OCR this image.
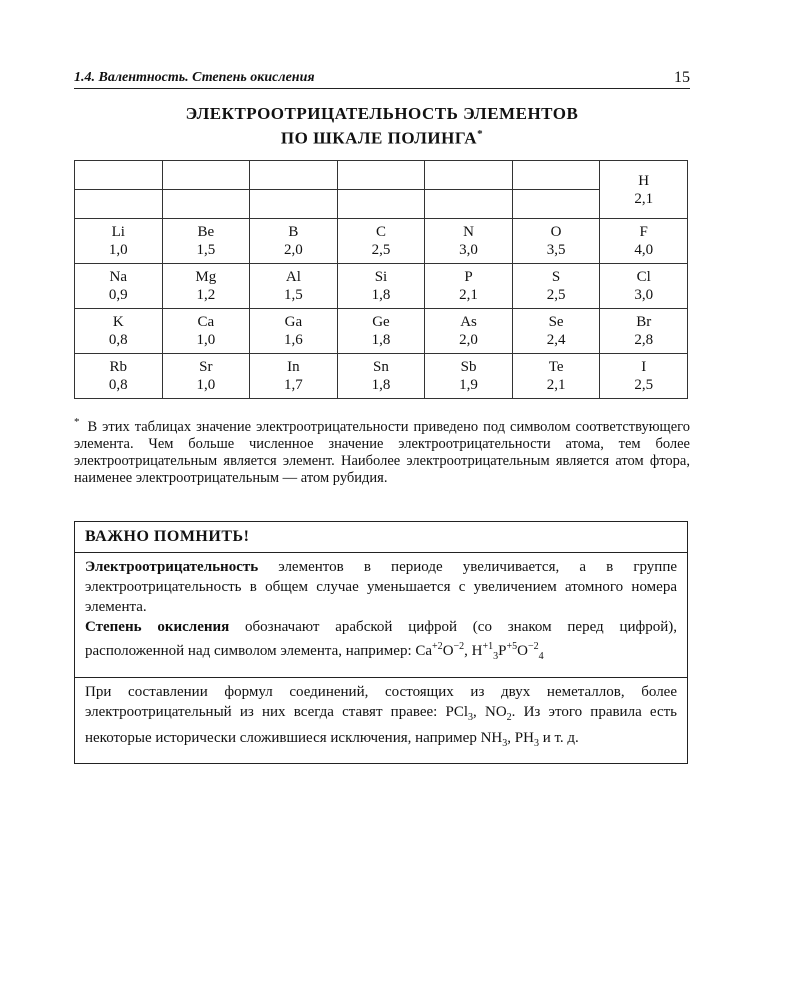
1.4. Валентность. Степень окисления	15
ЭЛЕКТРООТРИЦАТЕЛЬНОСТЬ ЭЛЕМЕНТОВ
ПО ШКАЛЕ ПОЛИНГА*

						H
2,1

Li
1,0	Be
1,5	B
2,0	C
2,5	N
3,0	O
3,5	F
4,0

Na
0,9	Mg
1,2	Al
1,5	Si
1,8	P
2,1	S
2,5	Cl
3,0

K
0,8	Ca
1,0	Ga
1,6	Ge
1,8	As
2,0	Se
2,4	Br
2,8

Rb
0,8	Sr
1,0	In
1,7	Sn
1,8	Sb
1,9	Te
2,1	I
2,5
* В этих таблицах значение электроотрицательности приведено под символом соответствующего элемента. Чем больше численное значение электроотрицательности атома, тем более электроотрицательным является элемент. Наиболее электроотрицательным является атом фтора, наименее электроотрицательным — атом рубидия.
ВАЖНО ПОМНИТЬ!
Электроотрицательность элементов в периоде увеличивается, а в группе электроотрицательность в общем случае уменьшается с увеличением атомного номера элемента.
Степень окисления обозначают арабской цифрой (со знаком перед цифрой), расположенной над символом элемента, например: $Ca^{+2}O^{-2}$, $H^{+1}_3P^{+5}O^{-2}_4$
При составлении формул соединений, состоящих из двух неметаллов, более электроотрицательный из них всегда ставят правее: PCl$_3$, $NO_2$. Из этого правила есть некоторые исторически сложившиеся исключения, например $NH_3$, $PH_3$ и т. д.
